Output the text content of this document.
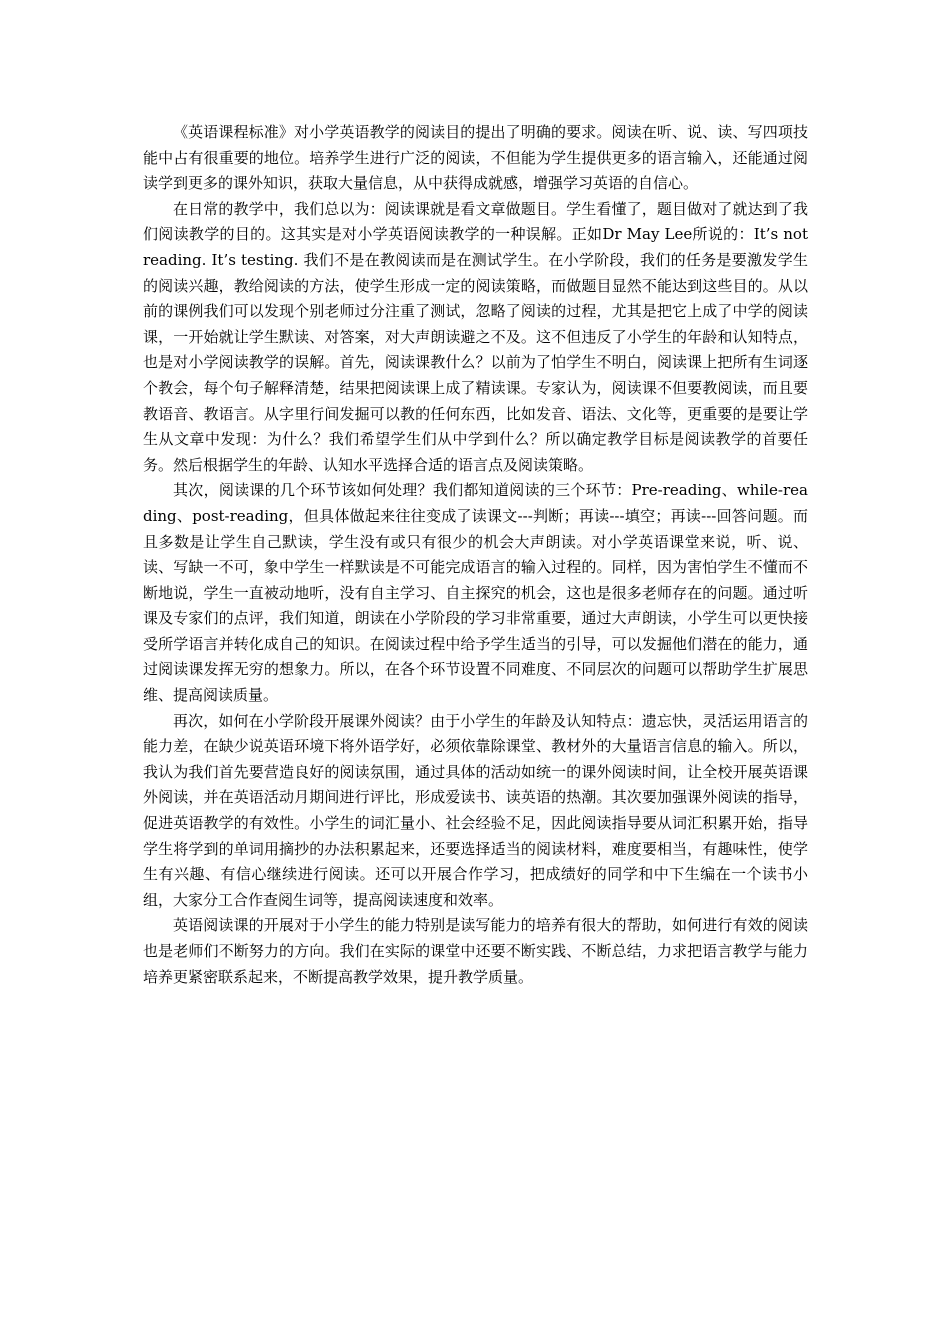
《英语课程标准》对小学英语教学的阅读目的提出了明确的要求。阅读在听、说、读、写四项技能中占有很重要的地位。培养学生进行广泛的阅读，不但能为学生提供更多的语言输入，还能通过阅读学到更多的课外知识，获取大量信息，从中获得成就感，增强学习英语的自信心。

在日常的教学中，我们总以为：阅读课就是看文章做题目。学生看懂了，题目做对了就达到了我们阅读教学的目的。这其实是对小学英语阅读教学的一种误解。正如Dr May Lee所说的：It’s not reading. It’s testing. 我们不是在教阅读而是在测试学生。在小学阶段，我们的任务是要激发学生的阅读兴趣，教给阅读的方法，使学生形成一定的阅读策略，而做题目显然不能达到这些目的。从以前的课例我们可以发现个别老师过分注重了测试，忽略了阅读的过程，尤其是把它上成了中学的阅读课，一开始就让学生默读、对答案，对大声朗读避之不及。这不但违反了小学生的年龄和认知特点，也是对小学阅读教学的误解。首先，阅读课教什么？以前为了怕学生不明白，阅读课上把所有生词逐个教会，每个句子解释清楚，结果把阅读课上成了精读课。专家认为，阅读课不但要教阅读，而且要教语音、教语言。从字里行间发掘可以教的任何东西，比如发音、语法、文化等，更重要的是要让学生从文章中发现：为什么？我们希望学生们从中学到什么？所以确定教学目标是阅读教学的首要任务。然后根据学生的年龄、认知水平选择合适的语言点及阅读策略。

其次，阅读课的几个环节该如何处理？我们都知道阅读的三个环节：Pre-reading、while-reading、post-reading，但具体做起来往往变成了读课文---判断；再读---填空；再读---回答问题。而且多数是让学生自己默读，学生没有或只有很少的机会大声朗读。对小学英语课堂来说，听、说、读、写缺一不可，象中学生一样默读是不可能完成语言的输入过程的。同样，因为害怕学生不懂而不断地说，学生一直被动地听，没有自主学习、自主探究的机会，这也是很多老师存在的问题。通过听课及专家们的点评，我们知道，朗读在小学阶段的学习非常重要，通过大声朗读，小学生可以更快接受所学语言并转化成自己的知识。在阅读过程中给予学生适当的引导，可以发掘他们潜在的能力，通过阅读课发挥无穷的想象力。所以，在各个环节设置不同难度、不同层次的问题可以帮助学生扩展思维、提高阅读质量。

再次，如何在小学阶段开展课外阅读？由于小学生的年龄及认知特点：遗忘快，灵活运用语言的能力差，在缺少说英语环境下将外语学好，必须依靠除课堂、教材外的大量语言信息的输入。所以，我认为我们首先要营造良好的阅读氛围，通过具体的活动如统一的课外阅读时间，让全校开展英语课外阅读，并在英语活动月期间进行评比，形成爱读书、读英语的热潮。其次要加强课外阅读的指导，促进英语教学的有效性。小学生的词汇量小、社会经验不足，因此阅读指导要从词汇积累开始，指导学生将学到的单词用摘抄的办法积累起来，还要选择适当的阅读材料，难度要相当，有趣味性，使学生有兴趣、有信心继续进行阅读。还可以开展合作学习，把成绩好的同学和中下生编在一个读书小组，大家分工合作查阅生词等，提高阅读速度和效率。

英语阅读课的开展对于小学生的能力特别是读写能力的培养有很大的帮助，如何进行有效的阅读也是老师们不断努力的方向。我们在实际的课堂中还要不断实践、不断总结，力求把语言教学与能力培养更紧密联系起来，不断提高教学效果，提升教学质量。
